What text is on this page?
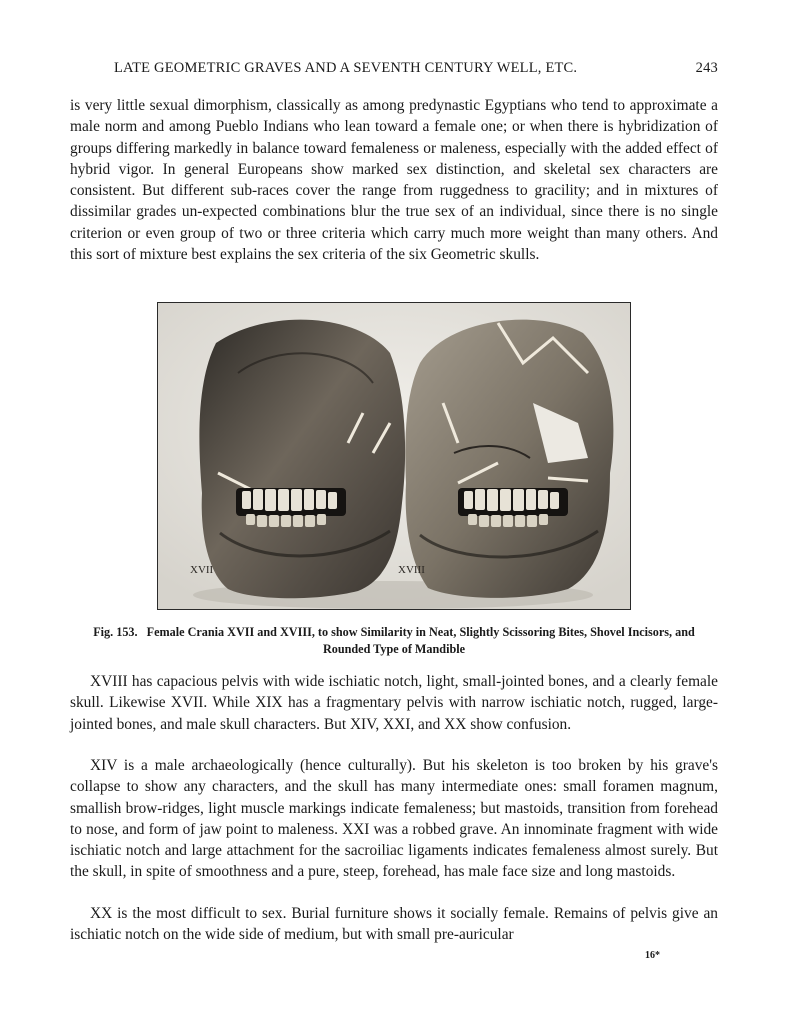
LATE GEOMETRIC GRAVES AND A SEVENTH CENTURY WELL, ETC.	243

is very little sexual dimorphism, classically as among predynastic Egyptians who tend to approximate a male norm and among Pueblo Indians who lean toward a female one; or when there is hybridization of groups differing markedly in balance toward femaleness or maleness, especially with the added effect of hybrid vigor. In general Europeans show marked sex distinction, and skeletal sex characters are consistent. But different sub-races cover the range from ruggedness to gracility; and in mixtures of dissimilar grades un-expected combinations blur the true sex of an individual, since there is no single criterion or even group of two or three criteria which carry much more weight than many others. And this sort of mixture best explains the sex criteria of the six Geometric skulls.

XVII	XVIII

Fig. 153. Female Crania XVII and XVIII, to show Similarity in Neat, Slightly Scissoring Bites, Shovel Incisors, and Rounded Type of Mandible

XVIII has capacious pelvis with wide ischiatic notch, light, small-jointed bones, and a clearly female skull. Likewise XVII. While XIX has a fragmentary pelvis with narrow ischiatic notch, rugged, large-jointed bones, and male skull characters. But XIV, XXI, and XX show confusion.

XIV is a male archaeologically (hence culturally). But his skeleton is too broken by his grave's collapse to show any characters, and the skull has many intermediate ones: small foramen magnum, smallish brow-ridges, light muscle markings indicate femaleness; but mastoids, transition from forehead to nose, and form of jaw point to maleness. XXI was a robbed grave. An innominate fragment with wide ischiatic notch and large attachment for the sacroiliac ligaments indicates femaleness almost surely. But the skull, in spite of smoothness and a pure, steep, forehead, has male face size and long mastoids.

XX is the most difficult to sex. Burial furniture shows it socially female. Remains of pelvis give an ischiatic notch on the wide side of medium, but with small pre-auricular

16*
